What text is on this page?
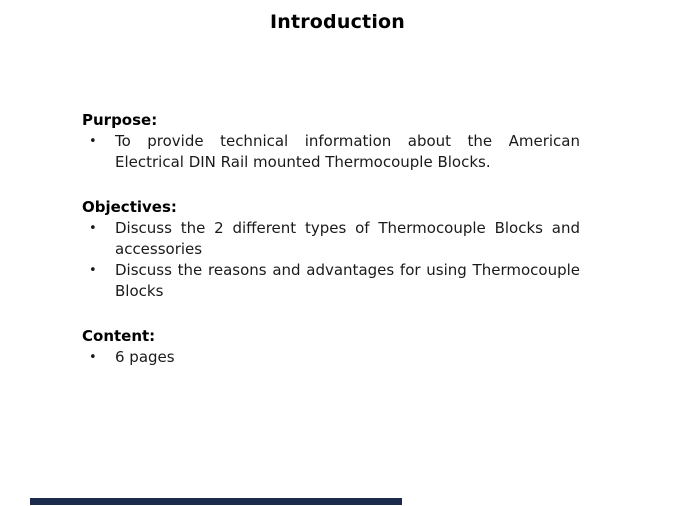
Introduction
Purpose:
•	To provide technical information about the American Electrical DIN Rail mounted Thermocouple Blocks.
Objectives:
•	Discuss the 2 different types of Thermocouple Blocks and accessories
•	Discuss the reasons and advantages for using Thermocouple Blocks
Content:
•	6 pages
